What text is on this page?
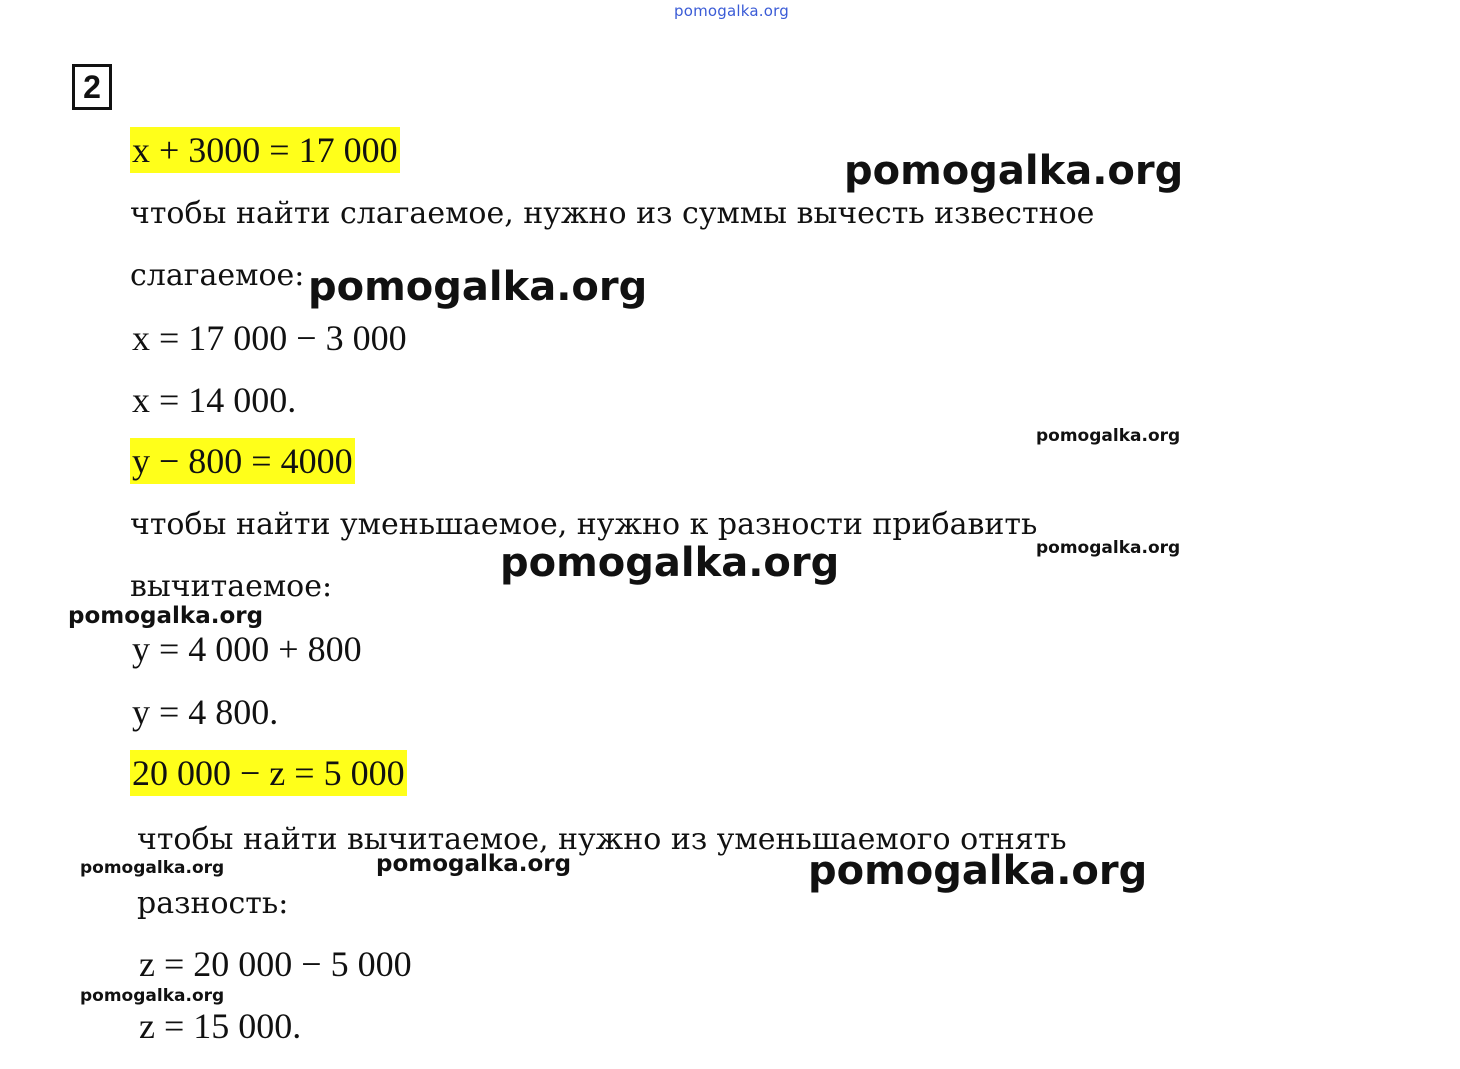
pomogalka.org
2
x + 3000 = 17 000
чтобы найти слагаемое, нужно из суммы вычесть известное
слагаемое:
x = 17 000 − 3 000
x = 14 000.
y − 800 = 4000
чтобы найти уменьшаемое, нужно к разности прибавить
вычитаемое:
y = 4 000 + 800
y = 4 800.
20 000 − z = 5 000
чтобы найти вычитаемое, нужно из уменьшаемого отнять
разность:
z = 20 000 − 5 000
z = 15 000.
pomogalka.org
pomogalka.org
pomogalka.org
pomogalka.org
pomogalka.org
pomogalka.org
pomogalka.org	pomogalka.org	pomogalka.org
pomogalka.org
